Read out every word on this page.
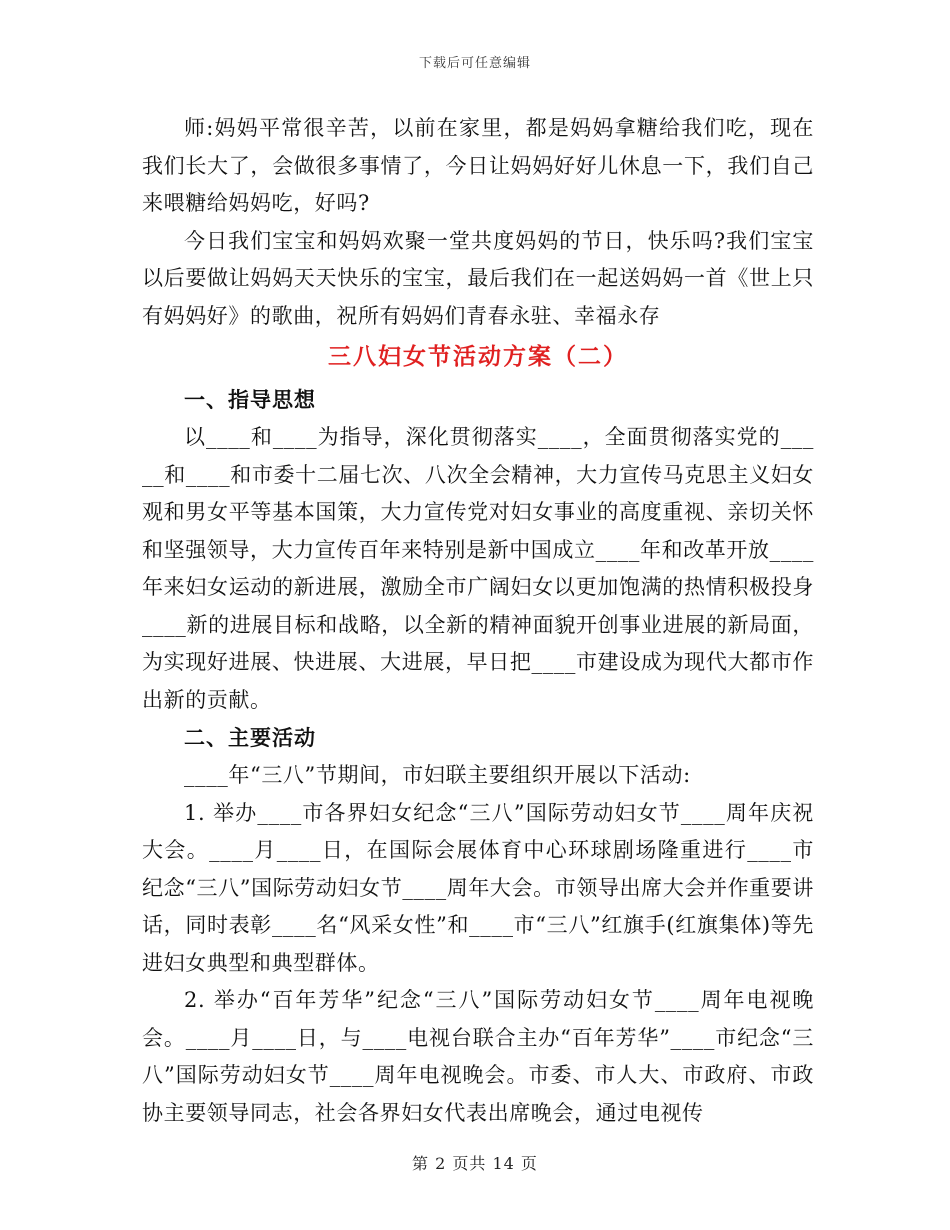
下载后可任意编辑

师:妈妈平常很辛苦，以前在家里，都是妈妈拿糖给我们吃，现在我们长大了，会做很多事情了，今日让妈妈好好儿休息一下，我们自己来喂糖给妈妈吃，好吗?

今日我们宝宝和妈妈欢聚一堂共度妈妈的节日，快乐吗?我们宝宝以后要做让妈妈天天快乐的宝宝，最后我们在一起送妈妈一首《世上只有妈妈好》的歌曲，祝所有妈妈们青春永驻、幸福永存

三八妇女节活动方案（二）
一、指导思想

以____和____为指导，深化贯彻落实____，全面贯彻落实党的_____和____和市委十二届七次、八次全会精神，大力宣传马克思主义妇女观和男女平等基本国策，大力宣传党对妇女事业的高度重视、亲切关怀和坚强领导，大力宣传百年来特别是新中国成立____年和改革开放____年来妇女运动的新进展，激励全市广阔妇女以更加饱满的热情积极投身____新的进展目标和战略，以全新的精神面貌开创事业进展的新局面，为实现好进展、快进展、大进展，早日把____市建设成为现代大都市作出新的贡献。

二、主要活动

____年“三八”节期间，市妇联主要组织开展以下活动:

1. 举办____市各界妇女纪念“三八”国际劳动妇女节____周年庆祝大会。____月____日，在国际会展体育中心环球剧场隆重进行____市纪念“三八”国际劳动妇女节____周年大会。市领导出席大会并作重要讲话，同时表彰____名“风采女性”和____市“三八”红旗手(红旗集体)等先进妇女典型和典型群体。

2. 举办“百年芳华”纪念“三八”国际劳动妇女节____周年电视晚会。____月____日，与____电视台联合主办“百年芳华”____市纪念“三八”国际劳动妇女节____周年电视晚会。市委、市人大、市政府、市政协主要领导同志，社会各界妇女代表出席晚会，通过电视传

第 2 页共 14 页
